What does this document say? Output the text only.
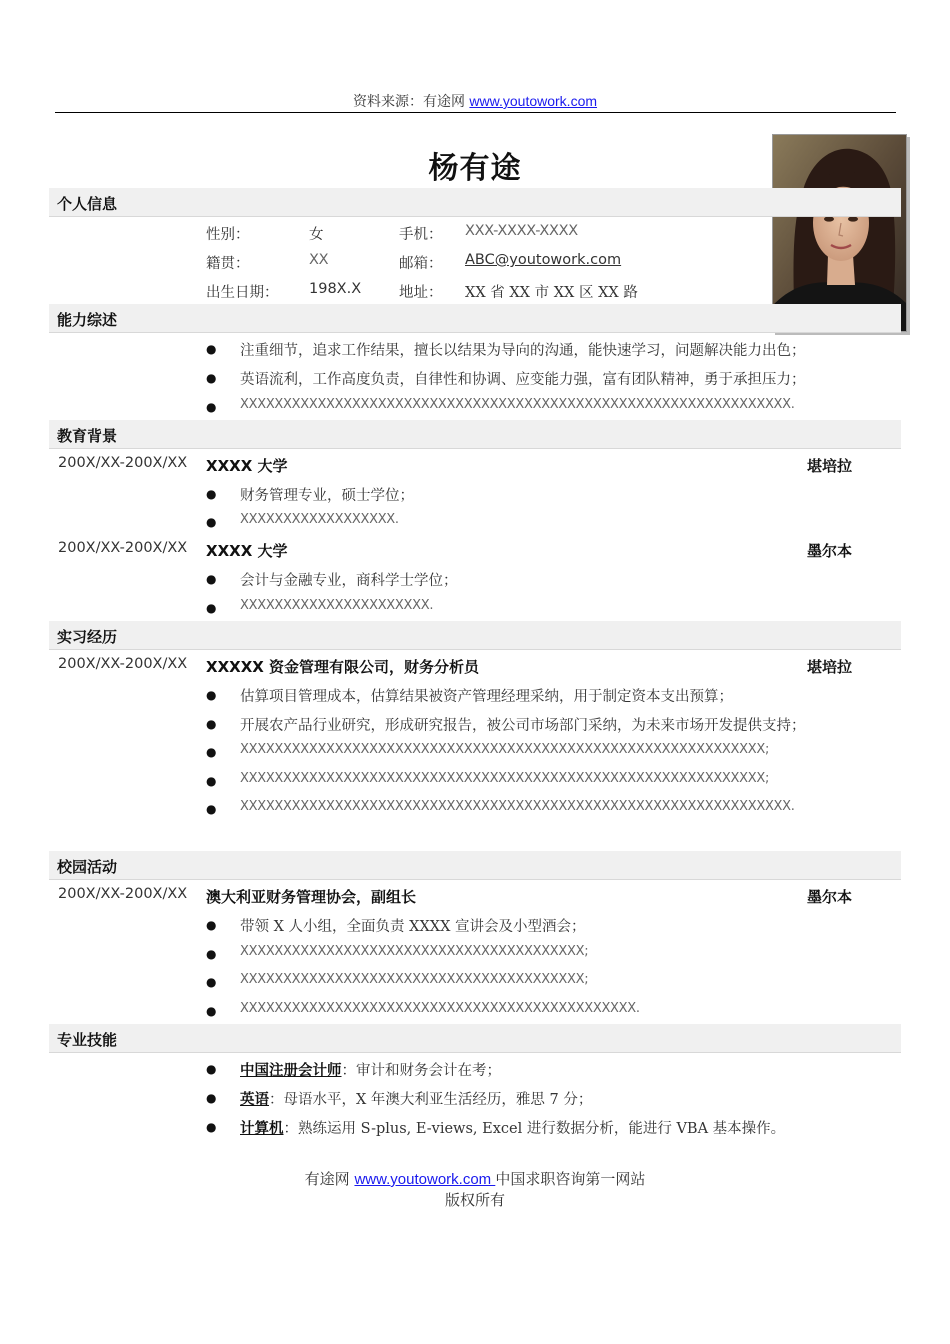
资料来源：有途网 www.youtowork.com
杨有途
个人信息
性别：	女	手机： XXX-XXXX-XXXX
籍贯：	XX	邮箱： ABC@youtowork.com
出生日期： 198X.X	地址： XX 省 XX 市 XX 区 XX 路
能力综述
● 注重细节，追求工作结果，擅长以结果为导向的沟通，能快速学习，问题解决能力出色；
● 英语流利，工作高度负责，自律性和协调、应变能力强，富有团队精神，勇于承担压力；
● XXXXXXXXXXXXXXXXXXXXXXXXXXXXXXXXXXXXXXXXXXXXXXXXXXXXXXXXXXXXXXXX.
教育背景
200X/XX-200X/XX XXXX 大学	堪培拉
● 财务管理专业，硕士学位；
● XXXXXXXXXXXXXXXXXX.
200X/XX-200X/XX XXXX 大学	墨尔本
● 会计与金融专业，商科学士学位；
● XXXXXXXXXXXXXXXXXXXXXX.
实习经历
200X/XX-200X/XX XXXXX 资金管理有限公司，财务分析员	堪培拉
● 估算项目管理成本，估算结果被资产管理经理采纳，用于制定资本支出预算；
● 开展农产品行业研究，形成研究报告，被公司市场部门采纳，为未来市场开发提供支持；
● XXXXXXXXXXXXXXXXXXXXXXXXXXXXXXXXXXXXXXXXXXXXXXXXXXXXXXXXXXXXX;
● XXXXXXXXXXXXXXXXXXXXXXXXXXXXXXXXXXXXXXXXXXXXXXXXXXXXXXXXXXXXX;
● XXXXXXXXXXXXXXXXXXXXXXXXXXXXXXXXXXXXXXXXXXXXXXXXXXXXXXXXXXXXXXXX.
校园活动
200X/XX-200X/XX 澳大利亚财务管理协会，副组长	墨尔本
● 带领 X 人小组，全面负责 XXXX 宣讲会及小型酒会；
● XXXXXXXXXXXXXXXXXXXXXXXXXXXXXXXXXXXXXXXX;
● XXXXXXXXXXXXXXXXXXXXXXXXXXXXXXXXXXXXXXXX;
● XXXXXXXXXXXXXXXXXXXXXXXXXXXXXXXXXXXXXXXXXXXXXX.
专业技能
● 中国注册会计师：审计和财务会计在考；
● 英语：母语水平，X 年澳大利亚生活经历，雅思 7 分；
● 计算机：熟练运用 S-plus, E-views, Excel 进行数据分析，能进行 VBA 基本操作。
有途网 www.youtowork.com 中国求职咨询第一网站
版权所有
